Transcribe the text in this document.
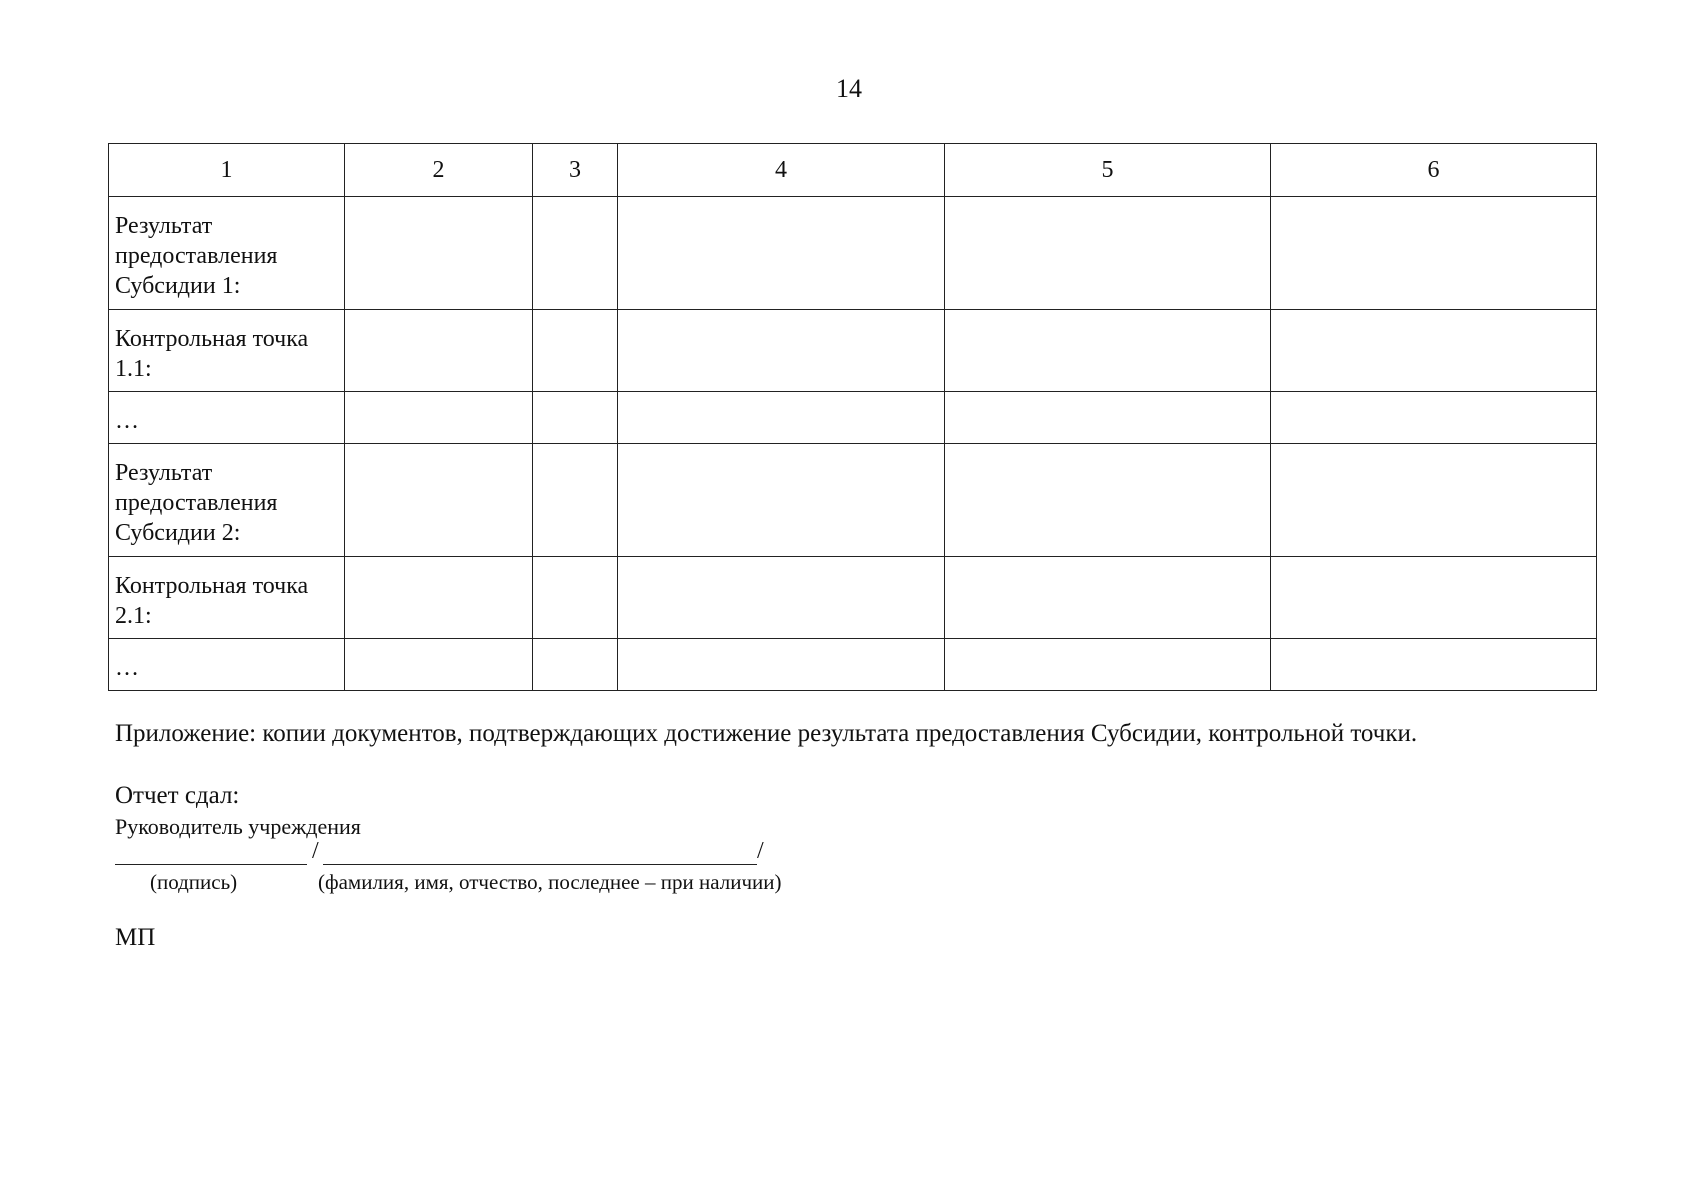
14
1	2	3	4	5	6
Результат предоставления Субсидии 1:					
Контрольная точка 1.1:					
…					
Результат предоставления Субсидии 2:					
Контрольная точка 2.1:					
…					
Приложение: копии документов, подтверждающих достижение результата предоставления Субсидии, контрольной точки.
Отчет сдал:
Руководитель учреждения
/	/
(подпись)	(фамилия, имя, отчество, последнее – при наличии)
МП
